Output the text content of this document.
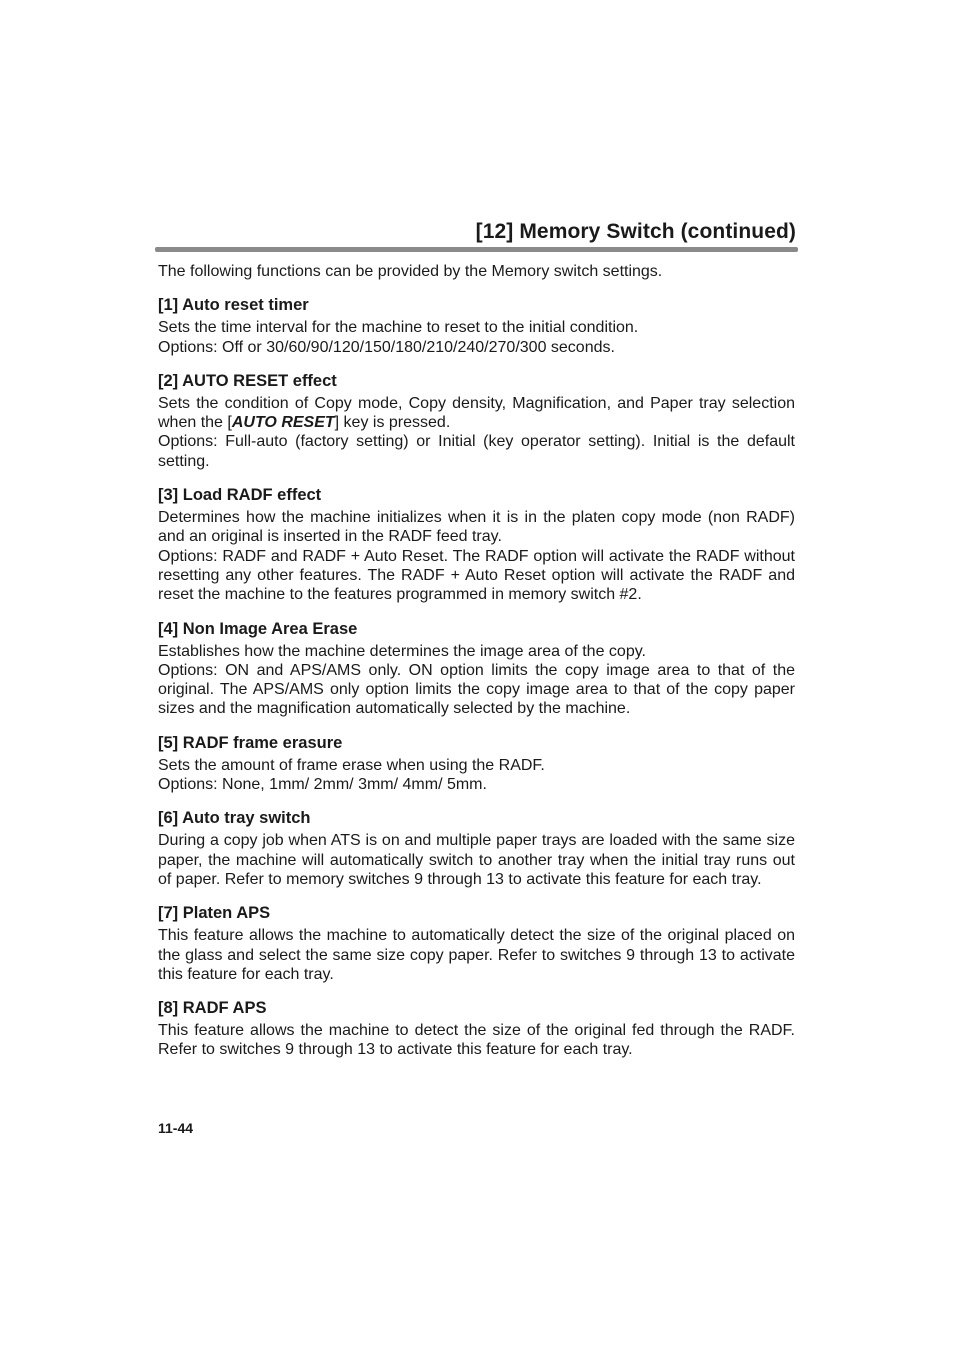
[12] Memory Switch (continued)

The following functions can be provided by the Memory switch settings.

[1] Auto reset timer

Sets the time interval for the machine to reset to the initial condition.

Options: Off or 30/60/90/120/150/180/210/240/270/300 seconds.

[2] AUTO RESET effect

Sets the condition of Copy mode, Copy density, Magnification, and Paper tray selection when the [AUTO RESET] key is pressed.

Options: Full-auto (factory setting) or Initial (key operator setting). Initial is the default setting.

[3] Load RADF effect

Determines how the machine initializes when it is in the platen copy mode (non RADF) and an original is inserted in the RADF feed tray.

Options: RADF and RADF + Auto Reset. The RADF option will activate the RADF without resetting any other features. The RADF + Auto Reset option will activate the RADF and reset the machine to the features programmed in memory switch #2.

[4] Non Image Area Erase

Establishes how the machine determines the image area of the copy.

Options: ON and APS/AMS only. ON option limits the copy image area to that of the original. The APS/AMS only option limits the copy image area to that of the copy paper sizes and the magnification automatically selected by the machine.

[5] RADF frame erasure

Sets the amount of frame erase when using the RADF.

Options: None, 1mm/ 2mm/ 3mm/ 4mm/ 5mm.

[6] Auto tray switch

During a copy job when ATS is on and multiple paper trays are loaded with the same size paper, the machine will automatically switch to another tray when the initial tray runs out of paper. Refer to memory switches 9 through 13 to activate this feature for each tray.

[7] Platen APS

This feature allows the machine to automatically detect the size of the original placed on the glass and select the same size copy paper. Refer to switches 9 through 13 to activate this feature for each tray.

[8] RADF APS

This feature allows the machine to detect the size of the original fed through the RADF. Refer to switches 9 through 13 to activate this feature for each tray.

11-44
